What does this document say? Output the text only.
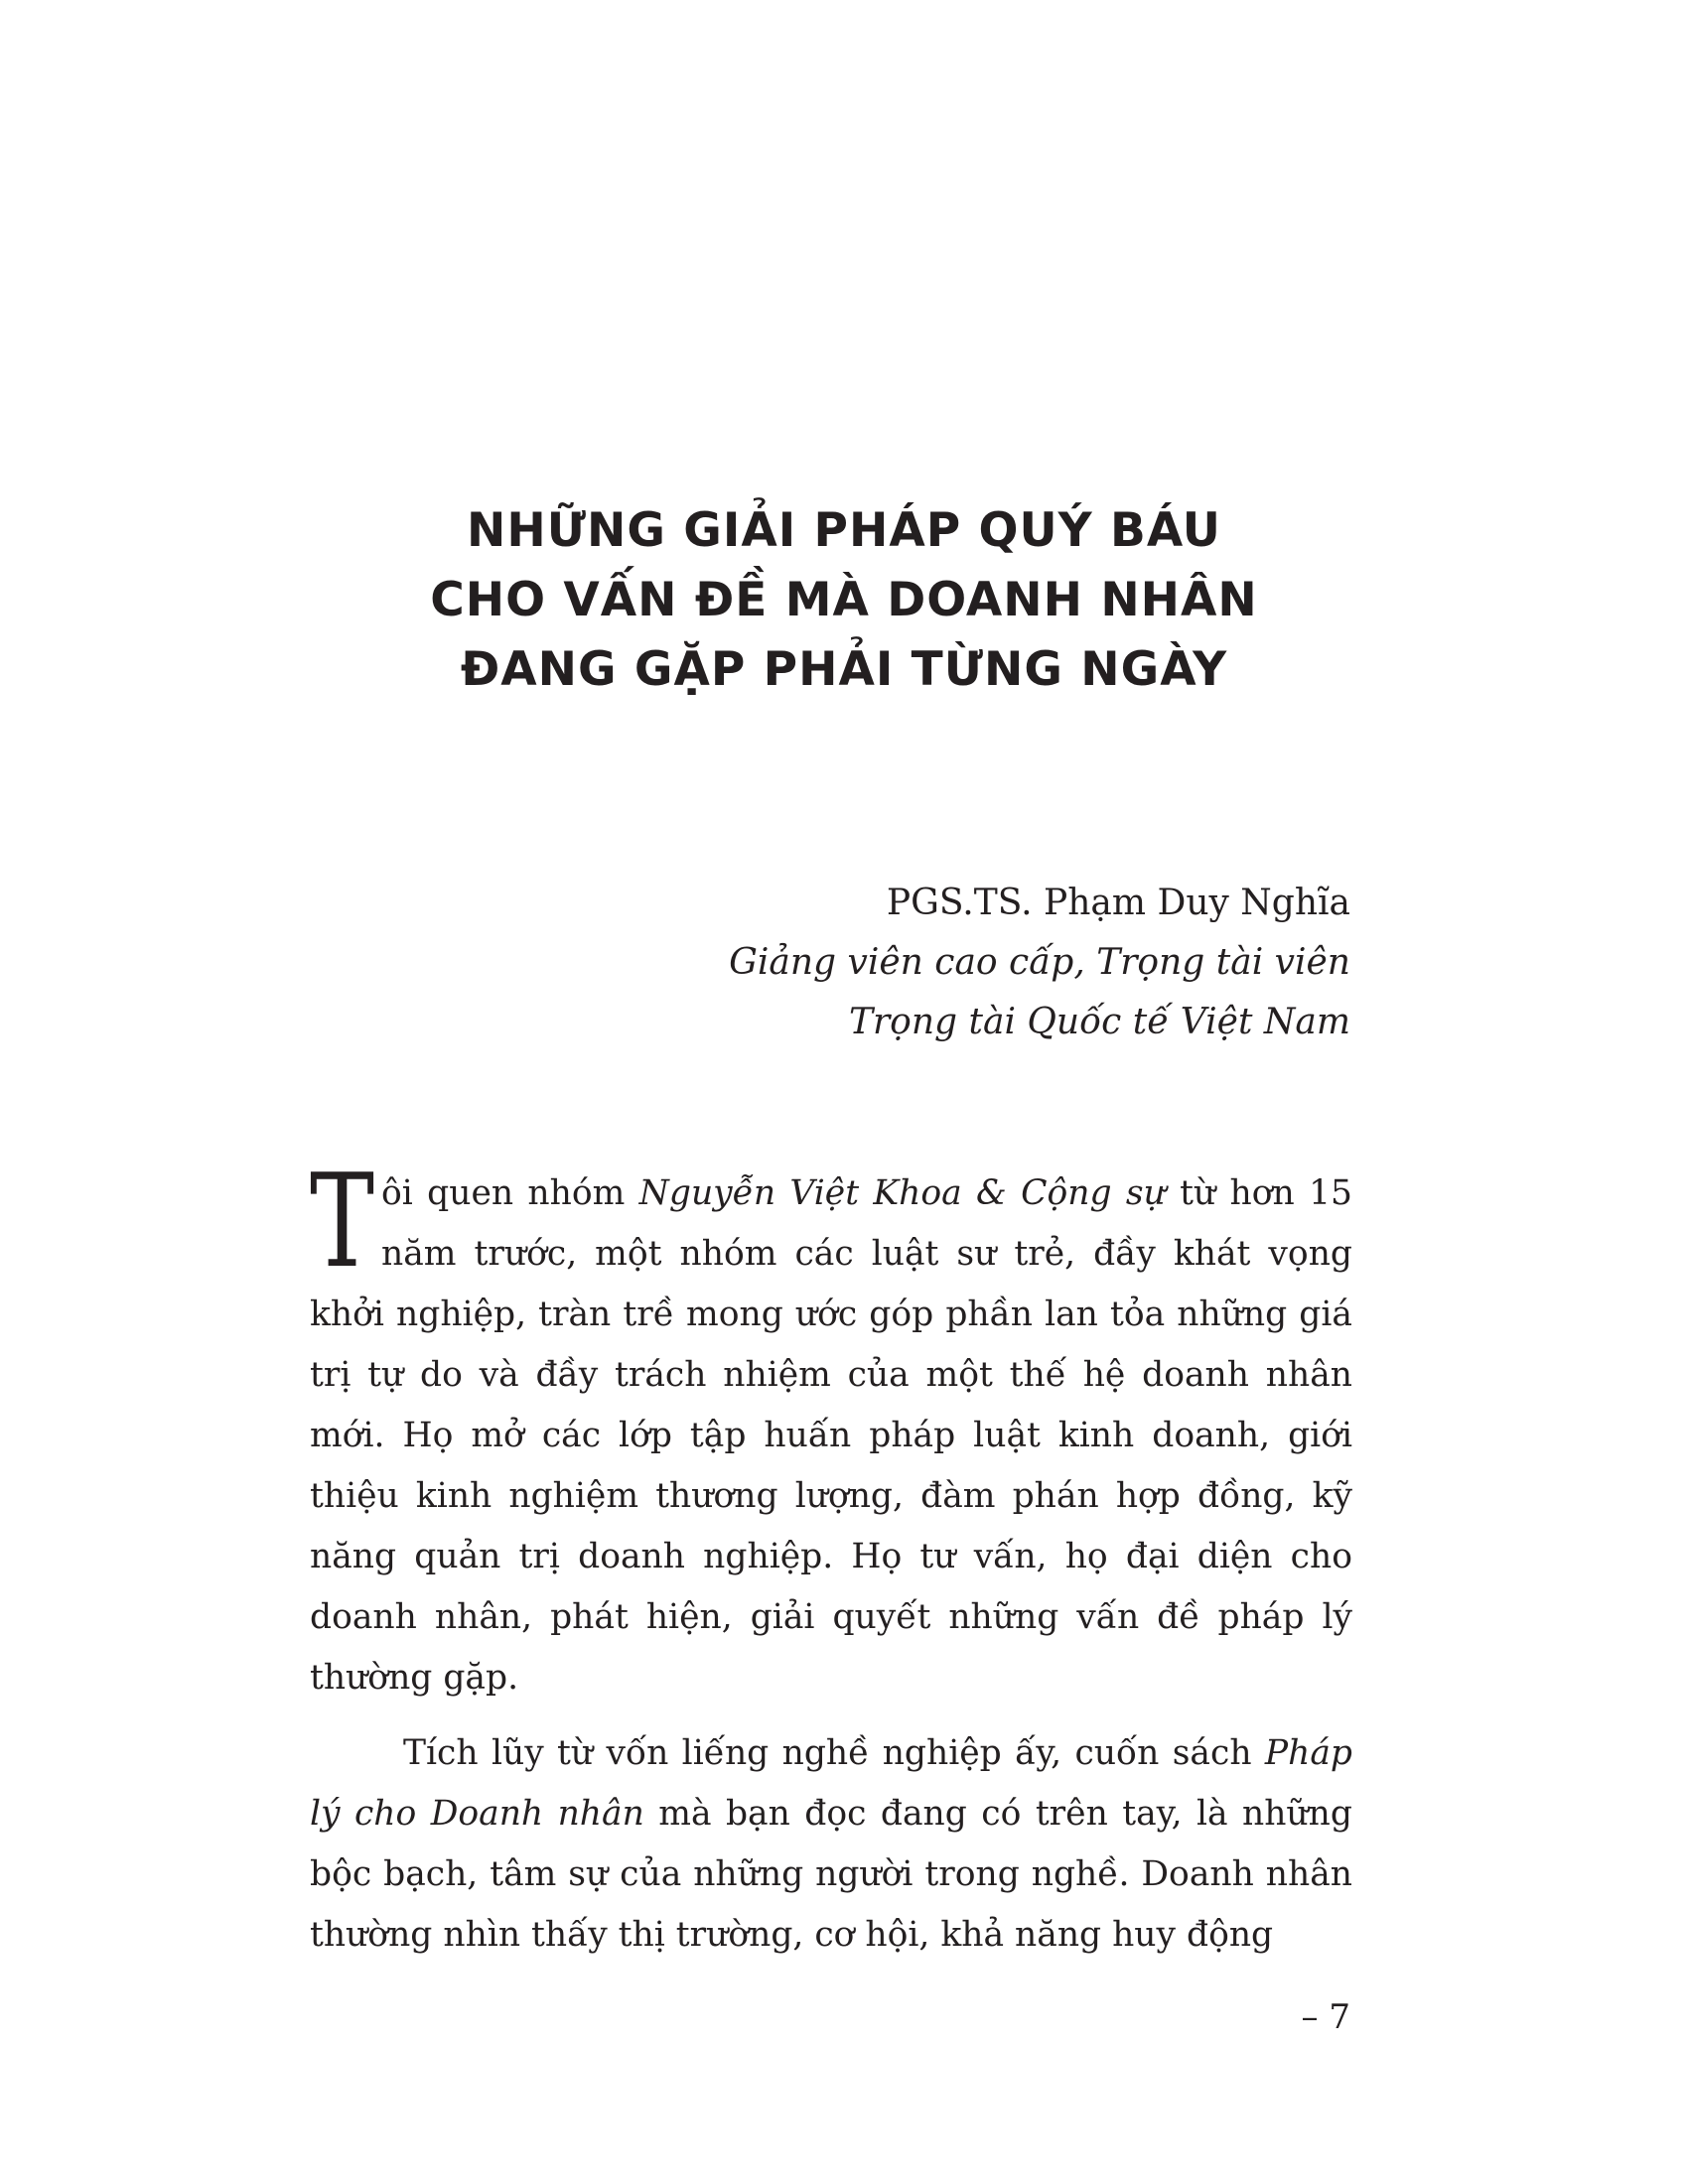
NHỮNG GIẢI PHÁP QUÝ BÁU
CHO VẤN ĐỀ MÀ DOANH NHÂN
ĐANG GẶP PHẢI TỪNG NGÀY
PGS.TS. Phạm Duy Nghĩa
Giảng viên cao cấp, Trọng tài viên
Trọng tài Quốc tế Việt Nam

Tôi quen nhóm Nguyễn Việt Khoa & Cộng sự từ hơn 15 năm trước, một nhóm các luật sư trẻ, đầy khát vọng khởi nghiệp, tràn trề mong ước góp phần lan tỏa những giá trị tự do và đầy trách nhiệm của một thế hệ doanh nhân mới. Họ mở các lớp tập huấn pháp luật kinh doanh, giới thiệu kinh nghiệm thương lượng, đàm phán hợp đồng, kỹ năng quản trị doanh nghiệp. Họ tư vấn, họ đại diện cho doanh nhân, phát hiện, giải quyết những vấn đề pháp lý thường gặp.

Tích lũy từ vốn liếng nghề nghiệp ấy, cuốn sách Pháp lý cho Doanh nhân mà bạn đọc đang có trên tay, là những bộc bạch, tâm sự của những người trong nghề. Doanh nhân thường nhìn thấy thị trường, cơ hội, khả năng huy động

– 7
